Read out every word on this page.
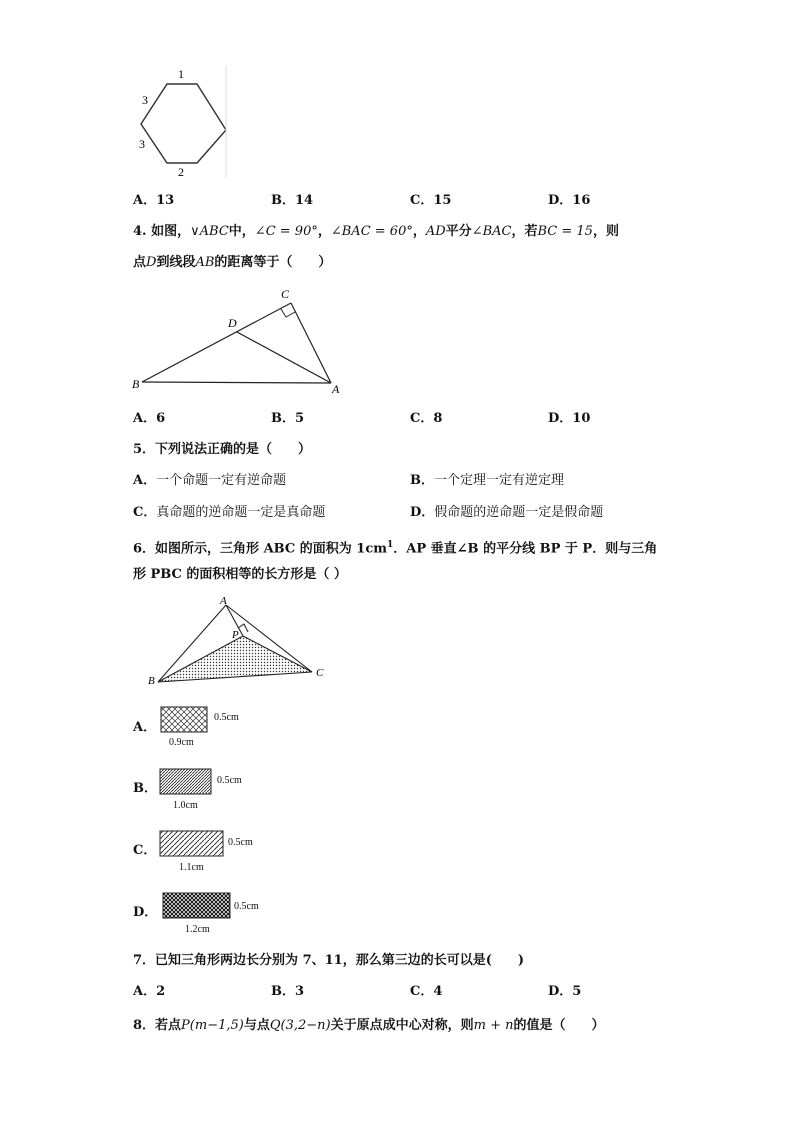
1
3
3
2
A．13	B．14	C．15	D．16
4. 如图，∨ABC中，∠C = 90°，∠BAC = 60°，AD平分∠BAC，若BC = 15，则
点D到线段AB的距离等于（　　）
C
D
B	A
A．6	B．5	C．8	D．10
5．下列说法正确的是（　　）
A．一个命题一定有逆命题	B．一个定理一定有逆定理
C．真命题的逆命题一定是真命题	D．假命题的逆命题一定是假命题
6．如图所示，三角形 ABC 的面积为 $1cm^1$．AP 垂直∠B 的平分线 BP 于 P．则与三角
形 PBC 的面积相等的长方形是（ ）
A
P
B
C
A．
0.5cm
0.9cm
B．
0.5cm
1.0cm
C．
0.5cm
1.1cm
D．	0.5cm
1.2cm
7．已知三角形两边长分别为 7、11，那么第三边的长可以是(　　)
A．2	B．3	C．4	D．5
8．若点P(m−1,5)与点Q(3,2−n)关于原点成中心对称，则m + n的值是（　　）
